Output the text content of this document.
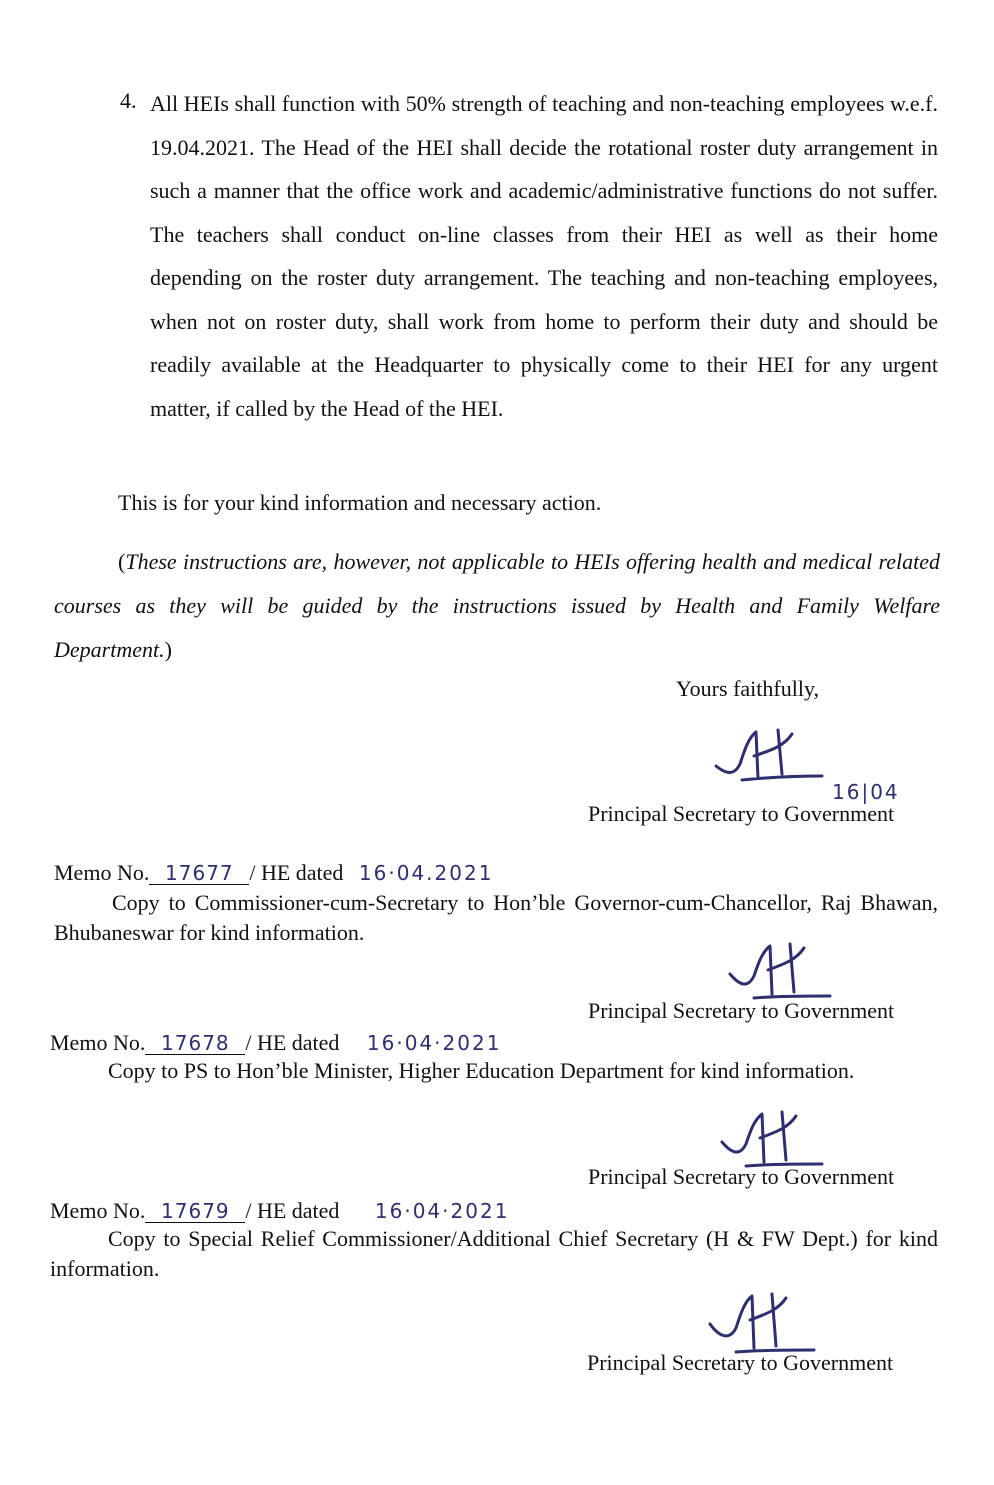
4. All HEIs shall function with 50% strength of teaching and non-teaching employees w.e.f. 19.04.2021. The Head of the HEI shall decide the rotational roster duty arrangement in such a manner that the office work and academic/administrative functions do not suffer. The teachers shall conduct on-line classes from their HEI as well as their home depending on the roster duty arrangement. The teaching and non-teaching employees, when not on roster duty, shall work from home to perform their duty and should be readily available at the Headquarter to physically come to their HEI for any urgent matter, if called by the Head of the HEI.
This is for your kind information and necessary action.
(These instructions are, however, not applicable to HEIs offering health and medical related courses as they will be guided by the instructions issued by Health and Family Welfare Department.)
Yours faithfully,
16|04
Principal Secretary to Government
Memo No. 17677 / HE dated 16·04.2021
Copy to Commissioner-cum-Secretary to Hon’ble Governor-cum-Chancellor, Raj Bhawan, Bhubaneswar for kind information.
Principal Secretary to Government
Memo No. 17678 / HE dated 16·04·2021
Copy to PS to Hon’ble Minister, Higher Education Department for kind information.
Principal Secretary to Government
Memo No. 17679 / HE dated 16·04·2021
Copy to Special Relief Commissioner/Additional Chief Secretary (H & FW Dept.) for kind information.
Principal Secretary to Government
